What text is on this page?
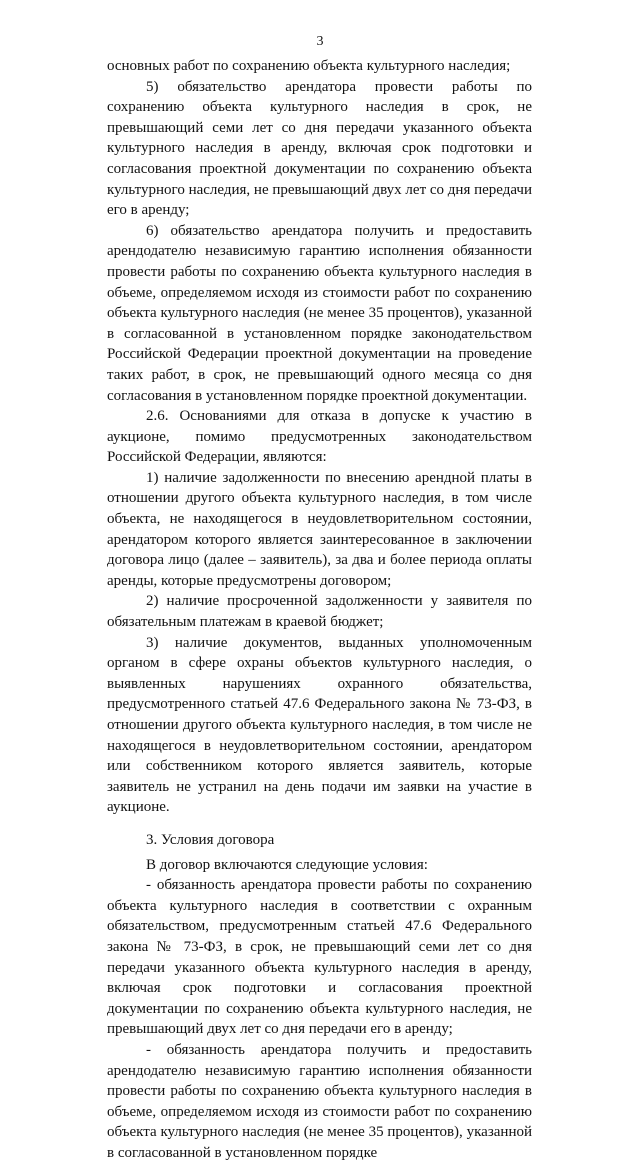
3

основных работ по сохранению объекта культурного наследия;

5) обязательство арендатора провести работы по сохранению объекта культурного наследия в срок, не превышающий семи лет со дня передачи указанного объекта культурного наследия в аренду, включая срок подготовки и согласования проектной документации по сохранению объекта культурного наследия, не превышающий двух лет со дня передачи его в аренду;

6) обязательство арендатора получить и предоставить арендодателю независимую гарантию исполнения обязанности провести работы по сохранению объекта культурного наследия в объеме, определяемом исходя из стоимости работ по сохранению объекта культурного наследия (не менее 35 процентов), указанной в согласованной в установленном порядке законодательством Российской Федерации проектной документации на проведение таких работ, в срок, не превышающий одного месяца со дня согласования в установленном порядке проектной документации.

2.6. Основаниями для отказа в допуске к участию в аукционе, помимо предусмотренных законодательством Российской Федерации, являются:

1) наличие задолженности по внесению арендной платы в отношении другого объекта культурного наследия, в том числе объекта, не находящегося в неудовлетворительном состоянии, арендатором которого является заинтересованное в заключении договора лицо (далее – заявитель), за два и более периода оплаты аренды, которые предусмотрены договором;

2) наличие просроченной задолженности у заявителя по обязательным платежам в краевой бюджет;

3) наличие документов, выданных уполномоченным органом в сфере охраны объектов культурного наследия, о выявленных нарушениях охранного обязательства, предусмотренного статьей 47.6 Федерального закона № 73-ФЗ, в отношении другого объекта культурного наследия, в том числе не находящегося в неудовлетворительном состоянии, арендатором или собственником которого является заявитель, которые заявитель не устранил на день подачи им заявки на участие в аукционе.

3. Условия договора

В договор включаются следующие условия:

- обязанность арендатора провести работы по сохранению объекта культурного наследия в соответствии с охранным обязательством, предусмотренным статьей 47.6 Федерального закона № 73-ФЗ, в срок, не превышающий семи лет со дня передачи указанного объекта культурного наследия в аренду, включая срок подготовки и согласования проектной документации по сохранению объекта культурного наследия, не превышающий двух лет со дня передачи его в аренду;

- обязанность арендатора получить и предоставить арендодателю независимую гарантию исполнения обязанности провести работы по сохранению объекта культурного наследия в объеме, определяемом исходя из стоимости работ по сохранению объекта культурного наследия (не менее 35 процентов), указанной в согласованной в установленном порядке
